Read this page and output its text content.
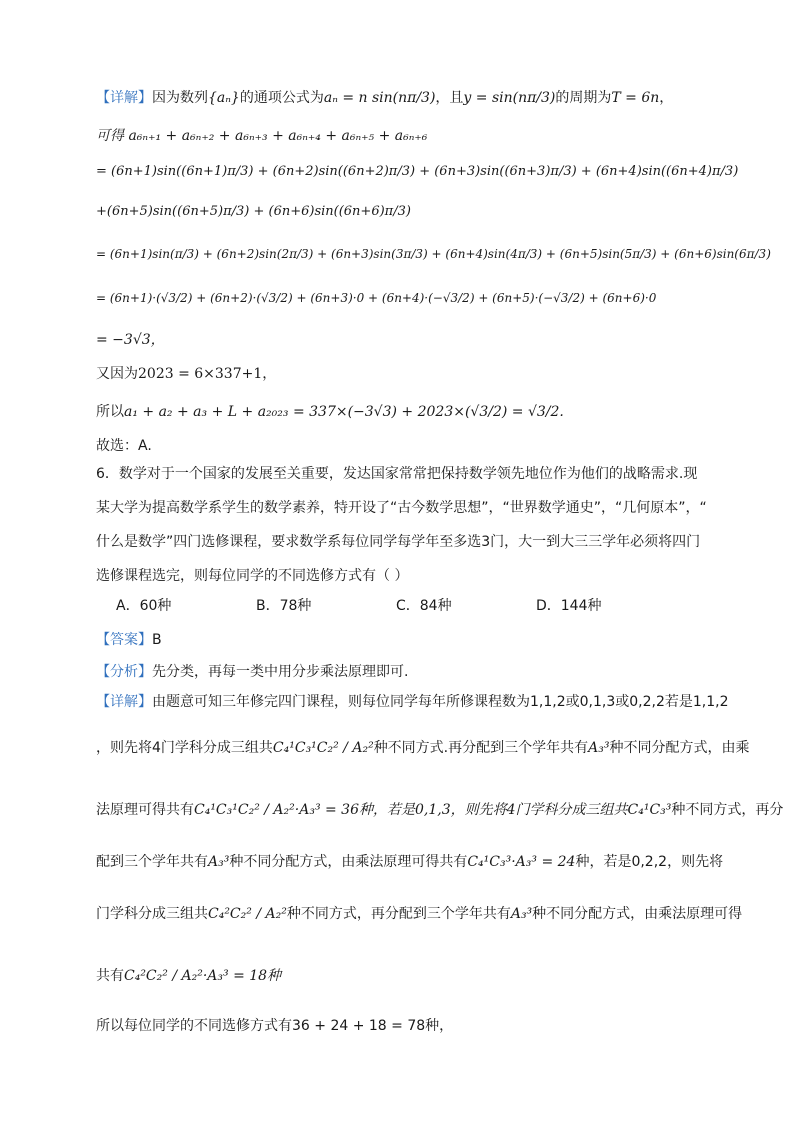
【详解】因为数列{aₙ}的通项公式为aₙ = n sin(nπ/3)，且y = sin(nπ/3)的周期为T = 6n，
可得 a₆ₙ₊₁ + a₆ₙ₊₂ + a₆ₙ₊₃ + a₆ₙ₊₄ + a₆ₙ₊₅ + a₆ₙ₊₆
= (6n+1)sin((6n+1)π/3) + (6n+2)sin((6n+2)π/3) + (6n+3)sin((6n+3)π/3) + (6n+4)sin((6n+4)π/3)
+(6n+5)sin((6n+5)π/3) + (6n+6)sin((6n+6)π/3)
= (6n+1)sin(π/3) + (6n+2)sin(2π/3) + (6n+3)sin(3π/3) + (6n+4)sin(4π/3) + (6n+5)sin(5π/3) + (6n+6)sin(6π/3)
= (6n+1)·(√3/2) + (6n+2)·(√3/2) + (6n+3)·0 + (6n+4)·(−√3/2) + (6n+5)·(−√3/2) + (6n+6)·0
= −3√3，
又因为2023 = 6×337+1，
所以a₁ + a₂ + a₃ + L + a₂₀₂₃ = 337×(−3√3) + 2023×(√3/2) = √3/2.
故选：A.
6．数学对于一个国家的发展至关重要，发达国家常常把保持数学领先地位作为他们的战略需求.现
某大学为提高数学系学生的数学素养，特开设了“古今数学思想”，“世界数学通史”，“几何原本”，“
什么是数学”四门选修课程，要求数学系每位同学每学年至多选3门，大一到大三三学年必须将四门
选修课程选完，则每位同学的不同选修方式有（ ）
A．60种	B．78种	C．84种	D．144种
【答案】B
【分析】先分类，再每一类中用分步乘法原理即可.
【详解】由题意可知三年修完四门课程，则每位同学每年所修课程数为1,1,2或0,1,3或0,2,2若是1,1,2
，则先将4门学科分成三组共C₄¹C₃¹C₂² / A₂²种不同方式.再分配到三个学年共有A₃³种不同分配方式，由乘
法原理可得共有C₄¹C₃¹C₂² / A₂²·A₃³ = 36种，若是0,1,3，则先将4门学科分成三组共C₄¹C₃³种不同方式，再分
配到三个学年共有A₃³种不同分配方式，由乘法原理可得共有C₄¹C₃³·A₃³ = 24种，若是0,2,2，则先将
门学科分成三组共C₄²C₂² / A₂²种不同方式，再分配到三个学年共有A₃³种不同分配方式，由乘法原理可得
共有C₄²C₂² / A₂²·A₃³ = 18种
所以每位同学的不同选修方式有36 + 24 + 18 = 78种，
